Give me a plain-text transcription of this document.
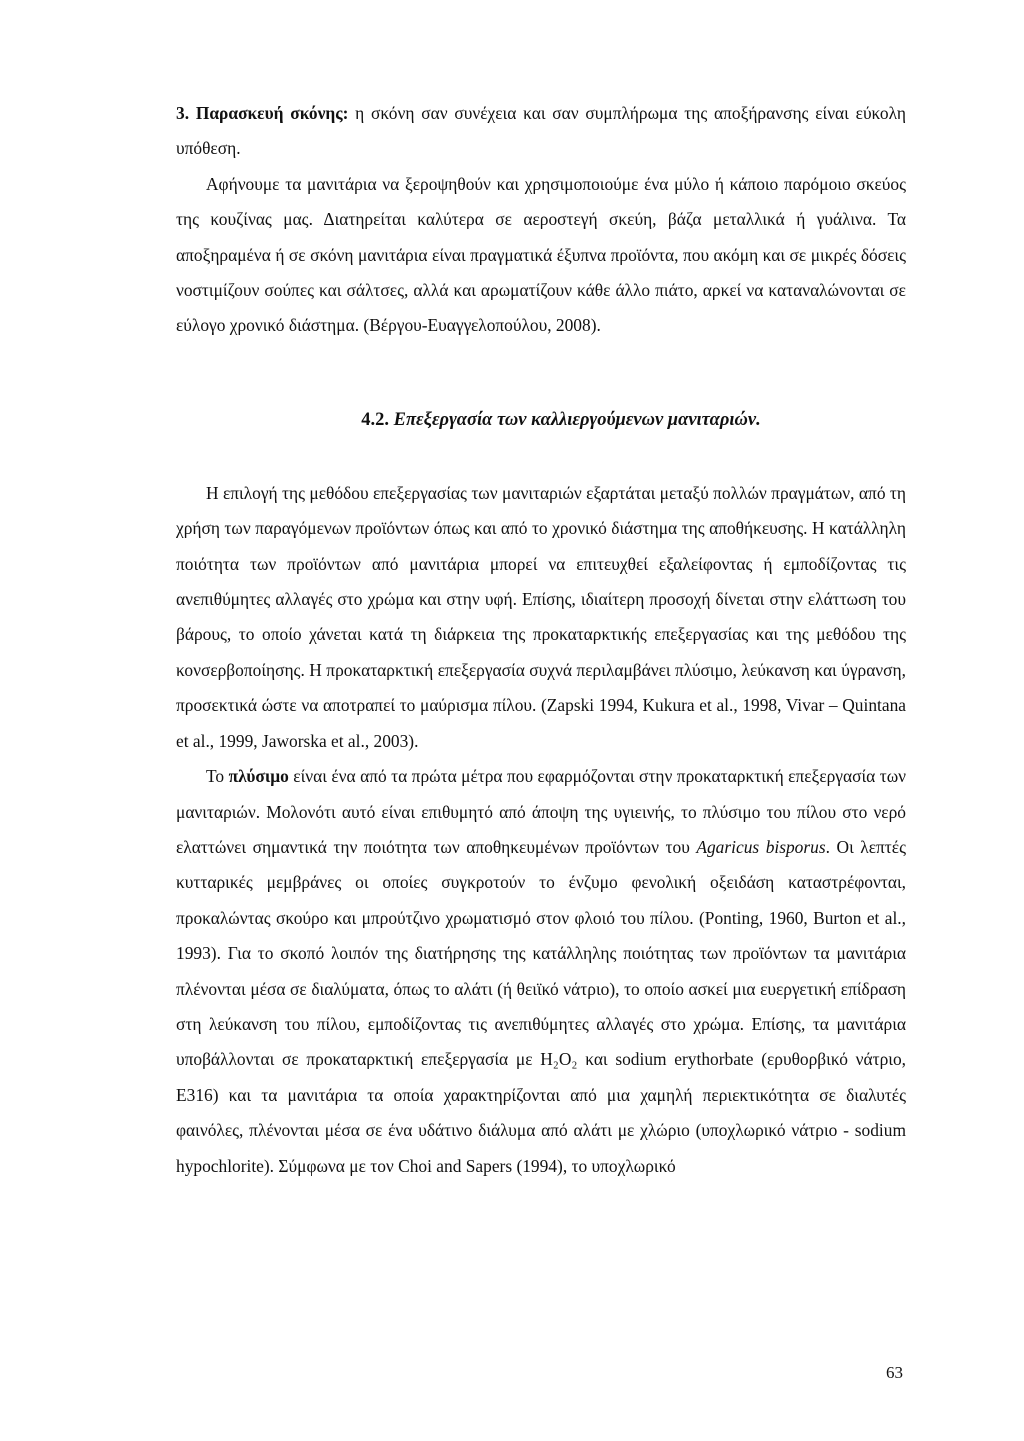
3. Παρασκευή σκόνης: η σκόνη σαν συνέχεια και σαν συμπλήρωμα της αποξήρανσης είναι εύκολη υπόθεση.

Αφήνουμε τα μανιτάρια να ξεροψηθούν και χρησιμοποιούμε ένα μύλο ή κάποιο παρόμοιο σκεύος της κουζίνας μας. Διατηρείται καλύτερα σε αεροστεγή σκεύη, βάζα μεταλλικά ή γυάλινα. Τα αποξηραμένα ή σε σκόνη μανιτάρια είναι πραγματικά έξυπνα προϊόντα, που ακόμη και σε μικρές δόσεις νοστιμίζουν σούπες και σάλτσες, αλλά και αρωματίζουν κάθε άλλο πιάτο, αρκεί να καταναλώνονται σε εύλογο χρονικό διάστημα. (Βέργου-Ευαγγελοπούλου, 2008).

4.2. Επεξεργασία των καλλιεργούμενων μανιταριών.

Η επιλογή της μεθόδου επεξεργασίας των μανιταριών εξαρτάται μεταξύ πολλών πραγμάτων, από τη χρήση των παραγόμενων προϊόντων όπως και από το χρονικό διάστημα της αποθήκευσης. Η κατάλληλη ποιότητα των προϊόντων από μανιτάρια μπορεί να επιτευχθεί εξαλείφοντας ή εμποδίζοντας τις ανεπιθύμητες αλλαγές στο χρώμα και στην υφή. Επίσης, ιδιαίτερη προσοχή δίνεται στην ελάττωση του βάρους, το οποίο χάνεται κατά τη διάρκεια της προκαταρκτικής επεξεργασίας και της μεθόδου της κονσερβοποίησης. Η προκαταρκτική επεξεργασία συχνά περιλαμβάνει πλύσιμο, λεύκανση και ύγρανση, προσεκτικά ώστε να αποτραπεί το μαύρισμα πίλου. (Zapski 1994, Kukura et al., 1998, Vivar – Quintana et al., 1999, Jaworska et al., 2003).

Το πλύσιμο είναι ένα από τα πρώτα μέτρα που εφαρμόζονται στην προκαταρκτική επεξεργασία των μανιταριών. Μολονότι αυτό είναι επιθυμητό από άποψη της υγιεινής, το πλύσιμο του πίλου στο νερό ελαττώνει σημαντικά την ποιότητα των αποθηκευμένων προϊόντων του Agaricus bisporus. Οι λεπτές κυτταρικές μεμβράνες οι οποίες συγκροτούν το ένζυμο φενολική οξειδάση καταστρέφονται, προκαλώντας σκούρο και μπρούτζινο χρωματισμό στον φλοιό του πίλου. (Ponting, 1960, Burton et al., 1993). Για το σκοπό λοιπόν της διατήρησης της κατάλληλης ποιότητας των προϊόντων τα μανιτάρια πλένονται μέσα σε διαλύματα, όπως το αλάτι (ή θειϊκό νάτριο), το οποίο ασκεί μια ευεργετική επίδραση στη λεύκανση του πίλου, εμποδίζοντας τις ανεπιθύμητες αλλαγές στο χρώμα. Επίσης, τα μανιτάρια υποβάλλονται σε προκαταρκτική επεξεργασία με H₂O₂ και sodium erythorbate (ερυθορβικό νάτριο, E316) και τα μανιτάρια τα οποία χαρακτηρίζονται από μια χαμηλή περιεκτικότητα σε διαλυτές φαινόλες, πλένονται μέσα σε ένα υδάτινο διάλυμα από αλάτι με χλώριο (υποχλωρικό νάτριο - sodium hypochlorite). Σύμφωνα με τον Choi and Sapers (1994), το υποχλωρικό

63
